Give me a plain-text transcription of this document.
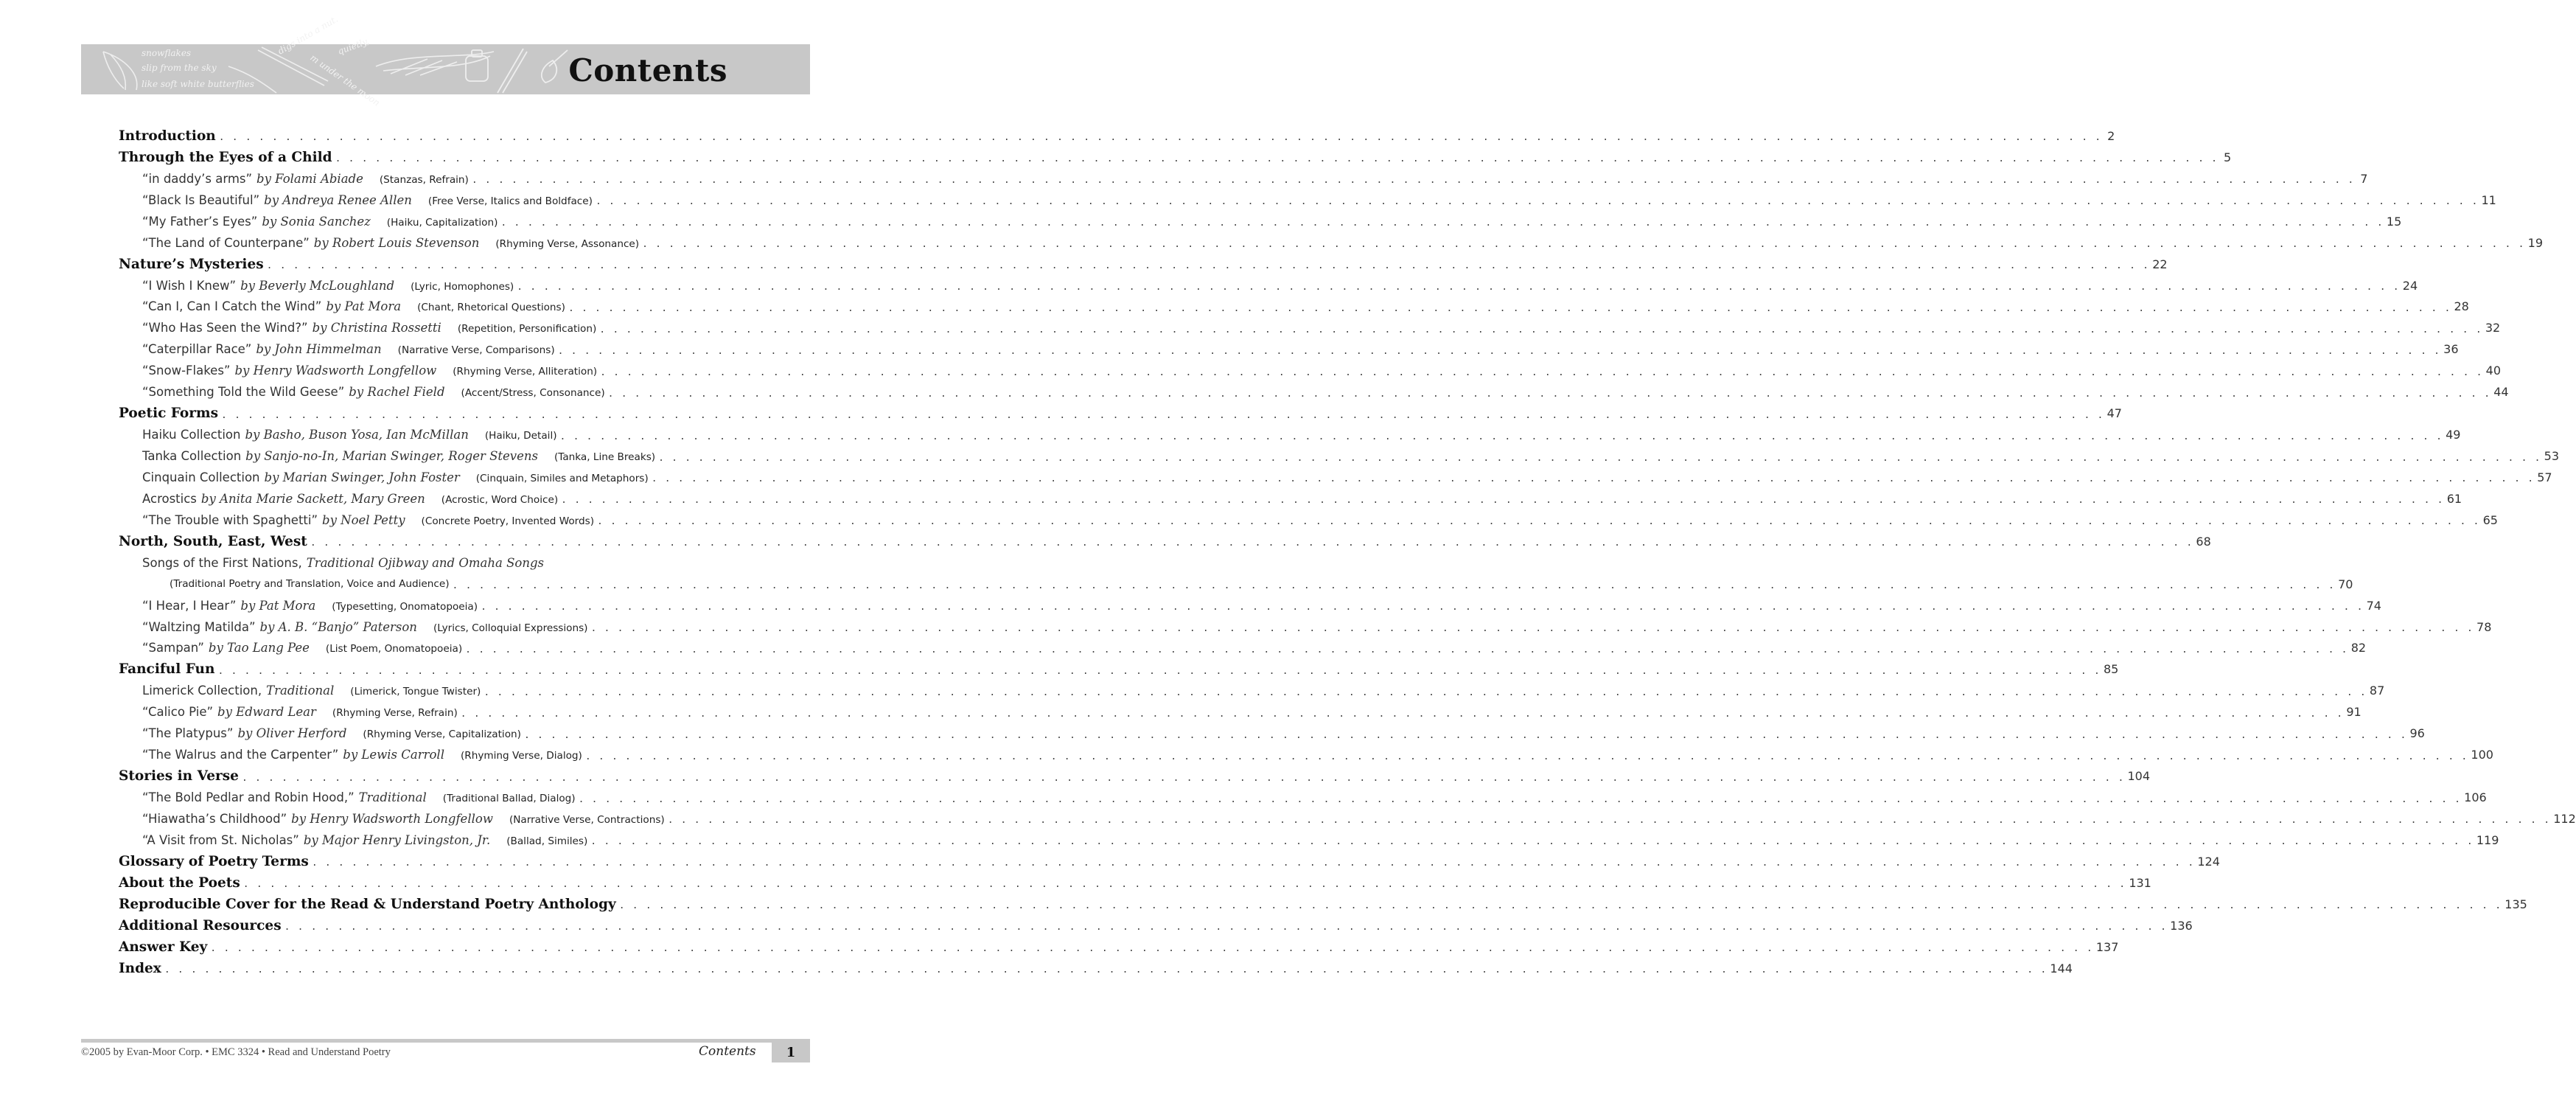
snowflakes
slip from the sky
like soft white butterflies
quietly,
m under the moon
digs into a nut.
Contents
Introduction . . .	2
Through the Eyes of a Child . . .	5
“in daddy’s arms” by Folami Abiade (Stanzas, Refrain) . . .	7
“Black Is Beautiful” by Andreya Renee Allen (Free Verse, Italics and Boldface) . . .	11
“My Father’s Eyes” by Sonia Sanchez (Haiku, Capitalization) . . .	15
“The Land of Counterpane” by Robert Louis Stevenson (Rhyming Verse, Assonance) . . .	19
Nature’s Mysteries . . .	22
“I Wish I Knew” by Beverly McLoughland (Lyric, Homophones) . . .	24
“Can I, Can I Catch the Wind” by Pat Mora (Chant, Rhetorical Questions) . . .	28
“Who Has Seen the Wind?” by Christina Rossetti (Repetition, Personification) . . .	32
“Caterpillar Race” by John Himmelman (Narrative Verse, Comparisons) . . .	36
“Snow-Flakes” by Henry Wadsworth Longfellow (Rhyming Verse, Alliteration) . . .	40
“Something Told the Wild Geese” by Rachel Field (Accent/Stress, Consonance) . . .	44
Poetic Forms . . .	47
Haiku Collection by Basho, Buson Yosa, Ian McMillan (Haiku, Detail) . . .	49
Tanka Collection by Sanjo-no-In, Marian Swinger, Roger Stevens (Tanka, Line Breaks) . . .	53
Cinquain Collection by Marian Swinger, John Foster (Cinquain, Similes and Metaphors) . . .	57
Acrostics by Anita Marie Sackett, Mary Green (Acrostic, Word Choice) . . .	61
“The Trouble with Spaghetti” by Noel Petty (Concrete Poetry, Invented Words) . . .	65
North, South, East, West . . .	68
Songs of the First Nations, Traditional Ojibway and Omaha Songs
(Traditional Poetry and Translation, Voice and Audience) . . .	70
“I Hear, I Hear” by Pat Mora (Typesetting, Onomatopoeia) . . .	74
“Waltzing Matilda” by A. B. “Banjo” Paterson (Lyrics, Colloquial Expressions) . . .	78
“Sampan” by Tao Lang Pee (List Poem, Onomatopoeia) . . .	82
Fanciful Fun . . .	85
Limerick Collection, Traditional (Limerick, Tongue Twister) . . .	87
“Calico Pie” by Edward Lear (Rhyming Verse, Refrain) . . .	91
“The Platypus” by Oliver Herford (Rhyming Verse, Capitalization) . . .	96
“The Walrus and the Carpenter” by Lewis Carroll (Rhyming Verse, Dialog) . . .	100
Stories in Verse . . .	104
“The Bold Pedlar and Robin Hood,” Traditional (Traditional Ballad, Dialog) . . .	106
“Hiawatha’s Childhood” by Henry Wadsworth Longfellow (Narrative Verse, Contractions) . . .	112
“A Visit from St. Nicholas” by Major Henry Livingston, Jr. (Ballad, Similes) . . .	119
Glossary of Poetry Terms . . .	124
About the Poets . . .	131
Reproducible Cover for the Read & Understand Poetry Anthology . . .	135
Additional Resources . . .	136
Answer Key . . .	137
Index . . .	144
©2005 by Evan-Moor Corp. • EMC 3324 • Read and Understand Poetry	Contents	1
